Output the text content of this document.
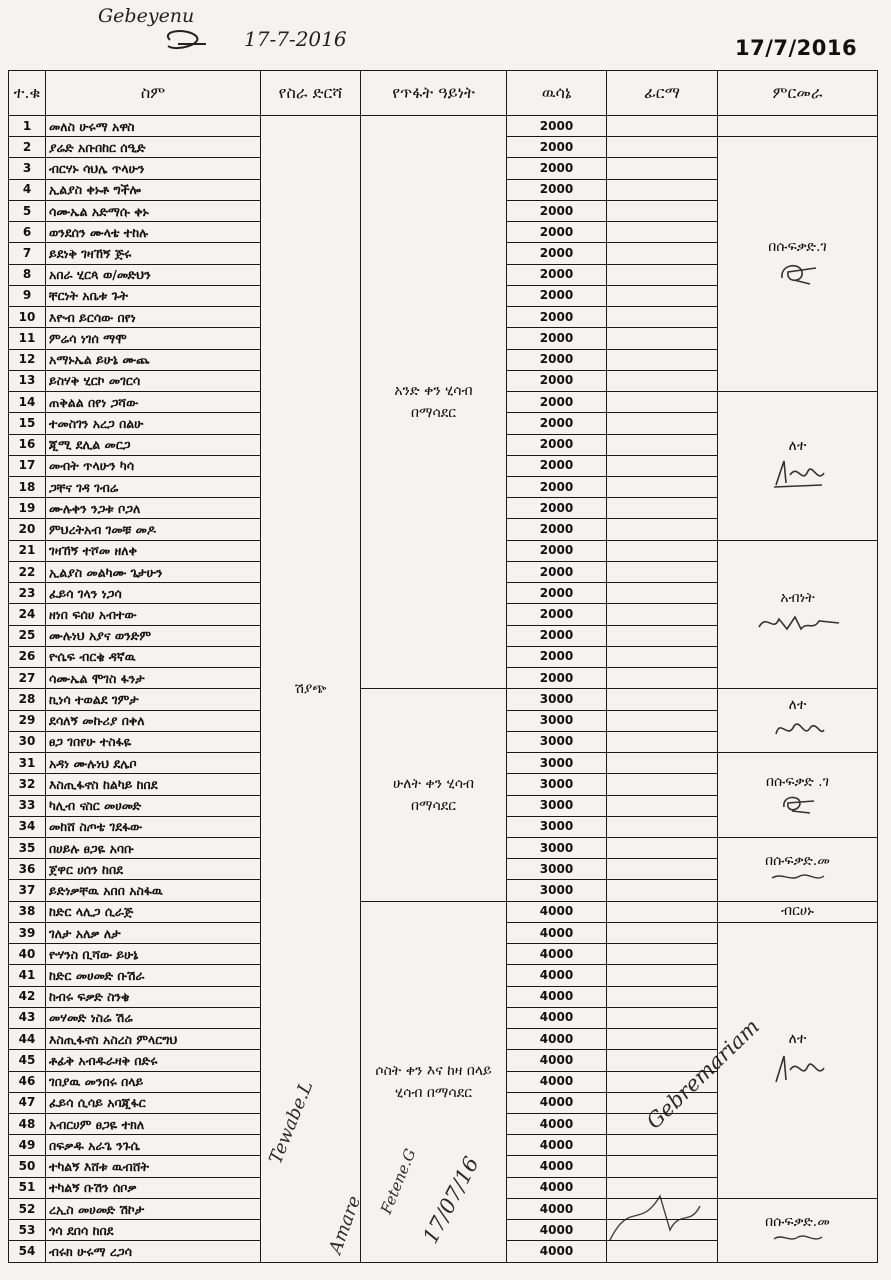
Gebeyenu
17-7-2016
Tewabe.L
Amare
Fetene.G
17/07/16
Gebremariam
17/7/2016
ተ.ቁ	ስም	የስራ ድርሻ	የጥፋት ዓይነት	ዉሳኔ	ፊርማ	ምርመራ
1	መለስ ሁሩማ አዋስ	ሽያጭ	አንድ ቀን ሂሳብ በማሳደር	2000		
2	ያሬድ አቡበከር ሰዒድ			2000		በሱፍቃድ.ገ

3	ብርሃኑ ሳህሌ ጥላሁን			2000		
4	ኢልያስ ቀኑቶ ግችሎ			2000		
5	ሳሙኤል አድማሱ ቀኑ			2000		
6	ወንደሰን ሙላቴ ተከሉ			2000		
7	ይደነቅ ገዛኸኝ ጅሩ			2000		
8	አበራ ሂርጳ ወ/መድህን			2000		
9	ቸርነት አቤቱ ጉት			2000		
10	እዮብ ይርሳው በየነ			2000		
11	ምሬሳ ነገሰ ማሞ			2000		
12	አማኑኤል ይሁኔ ሙጨ			2000		
13	ይስሃቅ ሂርኮ መገርሳ			2000		
14	ጠቅልል በየነ ጋሻው			2000		ለተ

15	ተመስገን አረጋ በልሁ			2000		
16	ጂሚ ደሊል መርጋ			2000		
17	መብት ጥላሁን ካሳ			2000		
18	ጋቸና ገዳ ገብሬ			2000		
19	ሙሉቀን ንጋቱ ቦጋለ			2000		
20	ምህረትአብ ገመቹ መዶ			2000		
21	ገዛኸኝ ተሾመ ዘለቀ			2000		አብነት

22	ኢልያስ መልካሙ ጌታሁን			2000		
23	ፈይሳ ገላን ነጋሳ			2000		
24	ዘነበ ፍሰሀ አብተው			2000		
25	ሙሉነህ አያና ወንድም			2000		
26	ዮሴፍ ብርቄ ዳኛዉ			2000		
27	ሳሙኤል ሞገስ ፋንታ			2000		
28	ኪነሳ ተወልደ ገምታ		ሁለት ቀን ሂሳብ በማሳደር	3000		ለተ

29	ደሳለኝ መኩሪያ በቀለ			3000		
30	ፀጋ ገበየሁ ተስፋዬ			3000		
31	አዳነ ሙሉነህ ደሌቦ			3000		በሱፍቃድ .ገ

32	እስጢፋኖስ ከልካይ ከበደ			3000		
33	ካሊብ ናስር መሀመድ			3000		
34	መከሸ ስጦቴ ገደፋው			3000		
35	በሀይሉ ፀጋዬ አባቡ			3000		በሱፍቃድ.መ

36	ጀዋር ሀሰን ከበደ			3000		
37	ይድነቃቸዉ አበበ አስፋዉ			3000		
38	ከድር ላሊጋ ሲራጅ		ሶስት ቀን እና ከዛ በላይ ሂሳብ በማሳደር	4000		ብርሀኑ

39	ገለታ አለቃ ለታ			4000		ለተ

40	ዮሃንስ ቢሻው ይሁኔ			4000		
41	ከድር መሀመድ ቡሽራ			4000		
42	ከብሩ ፍቃድ ስንቄ			4000		
43	መሃመድ ነስሬ ሽሬ			4000		
44	እስጢፋኖስ አስረስ ምላርግህ			4000		
45	ቶፊቅ አብዱራዛቅ በድሩ			4000		
46	ገበያዉ መንበሩ በላይ			4000		
47	ፈይሳ ሲሳይ አባጂፋር			4000		
48	አብርሀም ፀጋዬ ተክለ			4000		
49	በፍቃዱ አራጌ ንጉሴ			4000		
50	ተካልኝ እሸቱ ዉብሸት			4000		
51	ተካልኝ ቡሽን ሰቦቃ			4000		
52	ረኢስ መሀመድ ሽኮታ			4000		በሱፍቃድ.መ

53	ጎሳ ደበሳ ከበደ			4000		
54	ብሩክ ሁሩማ ረጋሳ			4000		
